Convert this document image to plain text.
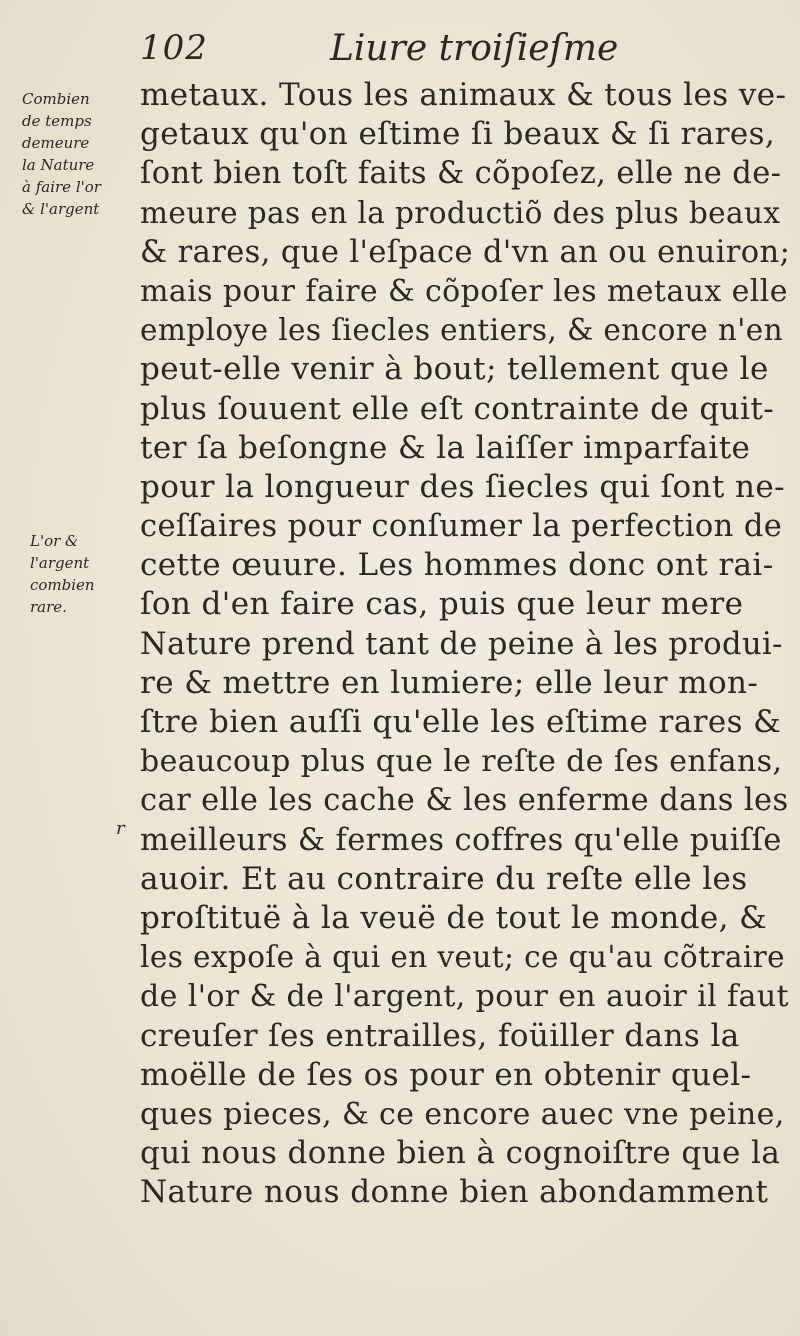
102	Liure troiſieſme
Combien
de temps
demeure
la Nature
à faire l'or
& l'argent
L'or &
l'argent
combien
rare.
r
metaux. Tous les animaux & tous les ve-
getaux qu'on eſtime ſi beaux & ſi rares,
ſont bien toſt faits & cõpoſez, elle ne de-
meure pas en la productiõ des plus beaux
& rares, que l'eſpace d'vn an ou enuiron;
mais pour faire & cõpoſer les metaux elle
employe les ſiecles entiers, & encore n'en
peut-elle venir à bout; tellement que le
plus ſouuent elle eſt contrainte de quit-
ter ſa beſongne & la laiſſer imparfaite
pour la longueur des ſiecles qui ſont ne-
ceſſaires pour conſumer la perfection de
cette œuure. Les hommes donc ont rai-
ſon d'en faire cas, puis que leur mere
Nature prend tant de peine à les produi-
re & mettre en lumiere; elle leur mon-
ſtre bien auſſi qu'elle les eſtime rares &
beaucoup plus que le reſte de ſes enfans,
car elle les cache & les enferme dans les
meilleurs & fermes coffres qu'elle puiſſe
auoir. Et au contraire du reſte elle les
proſtituë à la veuë de tout le monde, &
les expoſe à qui en veut; ce qu'au cõtraire
de l'or & de l'argent, pour en auoir il faut
creuſer ſes entrailles, foüiller dans la
moëlle de ſes os pour en obtenir quel-
ques pieces, & ce encore auec vne peine,
qui nous donne bien à cognoiſtre que la
Nature nous donne bien abondamment
